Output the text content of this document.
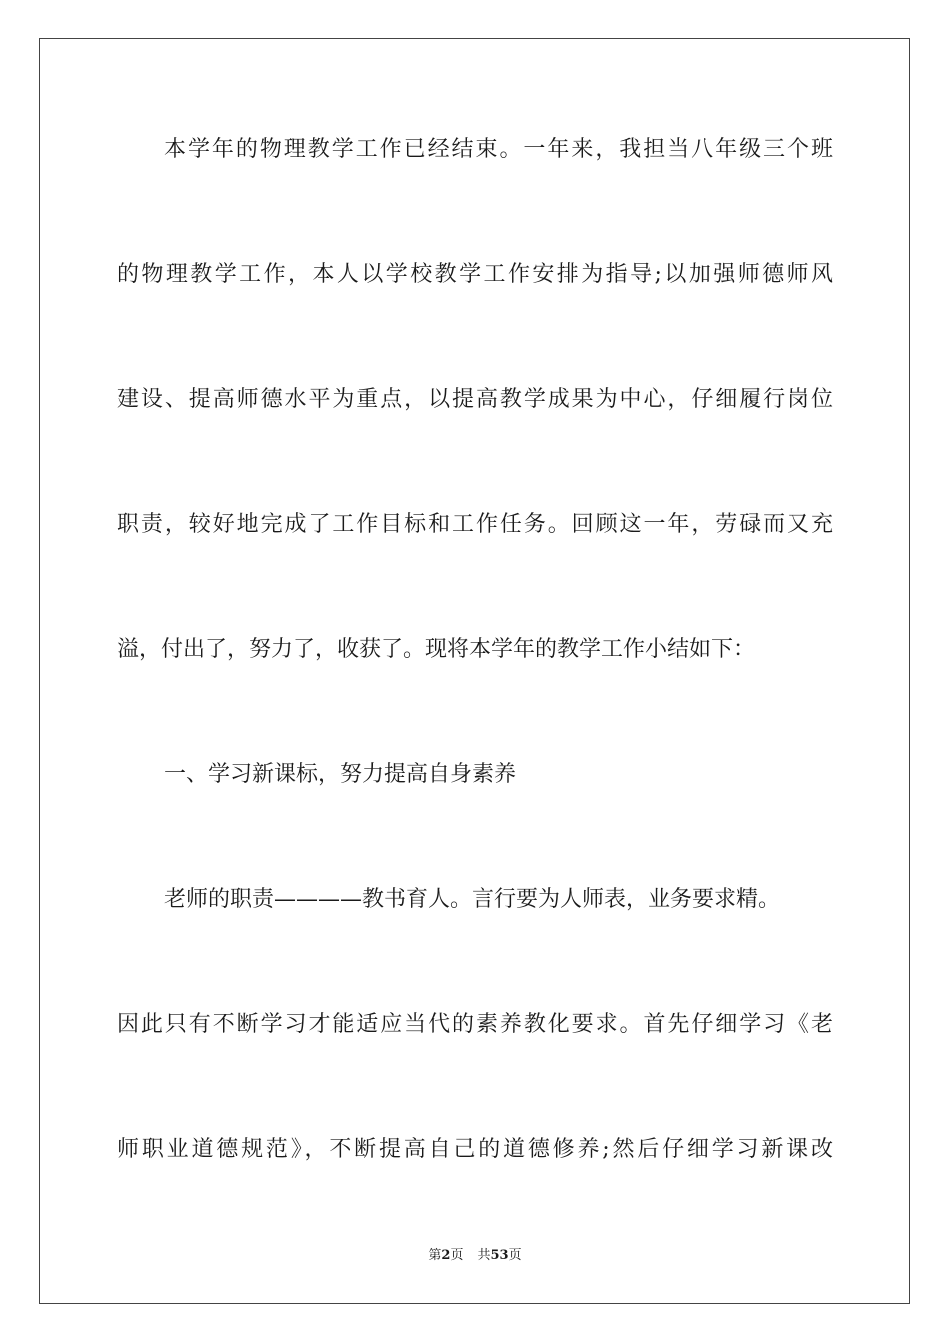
本学年的物理教学工作已经结束。一年来，我担当八年级三个班
的物理教学工作，本人以学校教学工作安排为指导;以加强师德师风
建设、提高师德水平为重点，以提高教学成果为中心，仔细履行岗位
职责，较好地完成了工作目标和工作任务。回顾这一年，劳碌而又充
溢，付出了，努力了，收获了。现将本学年的教学工作小结如下：
一、学习新课标，努力提高自身素养
老师的职责————教书育人。言行要为人师表，业务要求精。
因此只有不断学习才能适应当代的素养教化要求。首先仔细学习《老
师职业道德规范》，不断提高自己的道德修养;然后仔细学习新课改
第2页 共53页
